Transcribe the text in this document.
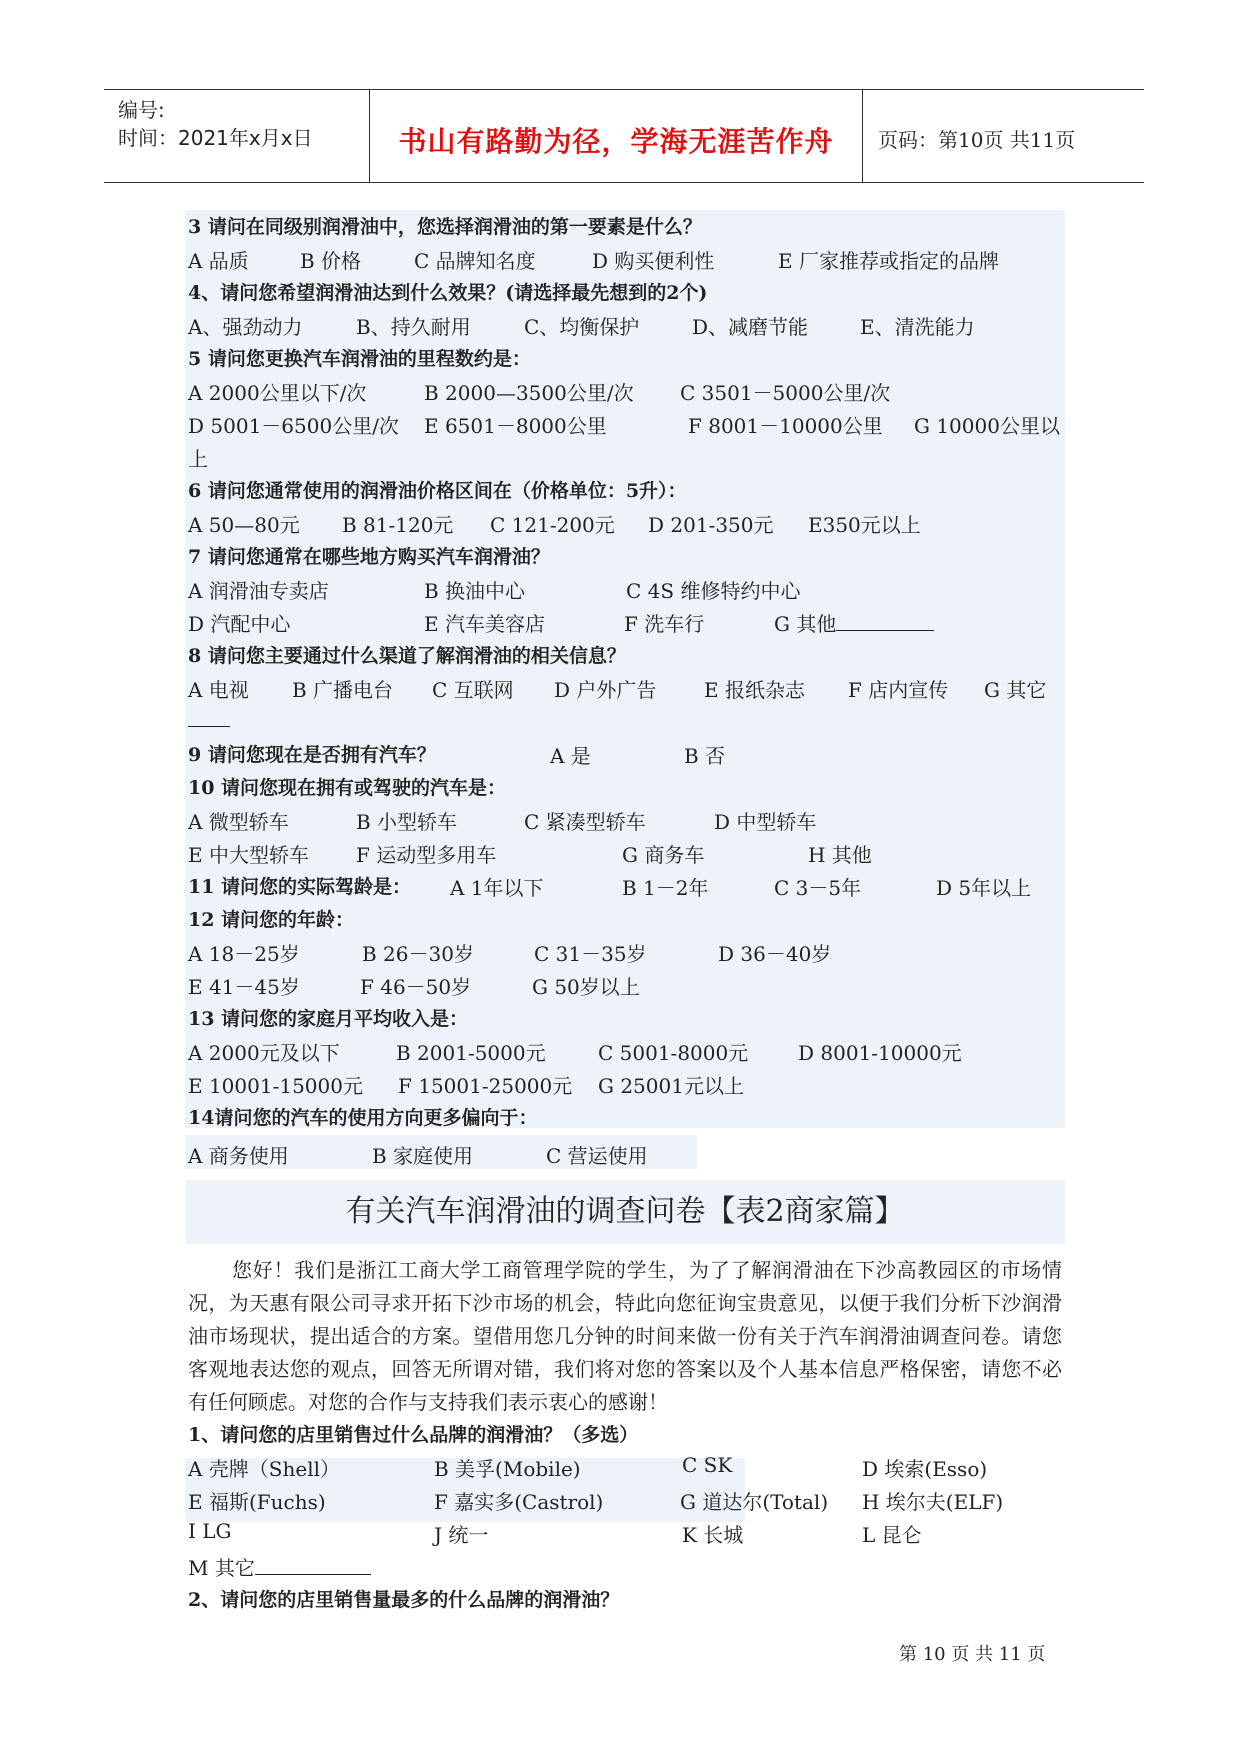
编号:
时间：2021年x月x日	书山有路勤为径，学海无涯苦作舟	页码：第10页 共11页
3 请问在同级别润滑油中，您选择润滑油的第一要素是什么？
A 品质	B 价格	C 品牌知名度	D 购买便利性	E 厂家推荐或指定的品牌
4、请问您希望润滑油达到什么效果？(请选择最先想到的2个)
A、强劲动力	B、持久耐用	C、均衡保护	D、减磨节能	E、清洗能力
5 请问您更换汽车润滑油的里程数约是：
A 2000公里以下/次	B 2000—3500公里/次 C 3501－5000公里/次
D 5001－6500公里/次 E 6501－8000公里	F 8001－10000公里 G 10000公里以
上
6 请问您通常使用的润滑油价格区间在（价格单位：5升）：
A 50—80元 B 81-120元 C 121-200元 D 201-350元 E350元以上
7 请问您通常在哪些地方购买汽车润滑油？
A 润滑油专卖店	B 换油中心	C 4S 维修特约中心
D 汽配中心	E 汽车美容店	F 洗车行	G 其他
8 请问您主要通过什么渠道了解润滑油的相关信息？
A 电视 B 广播电台 C 互联网 D 户外广告 E 报纸杂志 F 店内宣传 G 其它
9 请问您现在是否拥有汽车？	A 是	B 否
10 请问您现在拥有或驾驶的汽车是：
A 微型轿车	B 小型轿车	C 紧凑型轿车	D 中型轿车
E 中大型轿车 F 运动型多用车	G 商务车	H 其他
11 请问您的实际驾龄是： A 1年以下	B 1－2年	C 3－5年	D 5年以上
12 请问您的年龄：
A 18－25岁	B 26－30岁	C 31－35岁	D 36－40岁
E 41－45岁	F 46－50岁	G 50岁以上
13 请问您的家庭月平均收入是：
A 2000元及以下	B 2001-5000元	C 5001-8000元 D 8001-10000元
E 10001-15000元 F 15001-25000元 G 25001元以上
14请问您的汽车的使用方向更多偏向于：
A 商务使用	B 家庭使用	C 营运使用
有关汽车润滑油的调查问卷【表2商家篇】
您好！我们是浙江工商大学工商管理学院的学生，为了了解润滑油在下沙高教园区的市场情况，为天惠有限公司寻求开拓下沙市场的机会，特此向您征询宝贵意见，以便于我们分析下沙润滑油市场现状，提出适合的方案。望借用您几分钟的时间来做一份有关于汽车润滑油调查问卷。请您客观地表达您的观点，回答无所谓对错，我们将对您的答案以及个人基本信息严格保密，请您不必有任何顾虑。对您的合作与支持我们表示衷心的感谢！
1、请问您的店里销售过什么品牌的润滑油？（多选）
A 壳牌（Shell）	B 美孚(Mobile)	C SK	D 埃索(Esso)
E 福斯(Fuchs)	F 嘉实多(Castrol)	G 道达尔(Total) H 埃尔夫(ELF)
I LG	J 统一	K 长城	L 昆仑
M 其它
2、请问您的店里销售量最多的什么品牌的润滑油？
第 10 页 共 11 页
